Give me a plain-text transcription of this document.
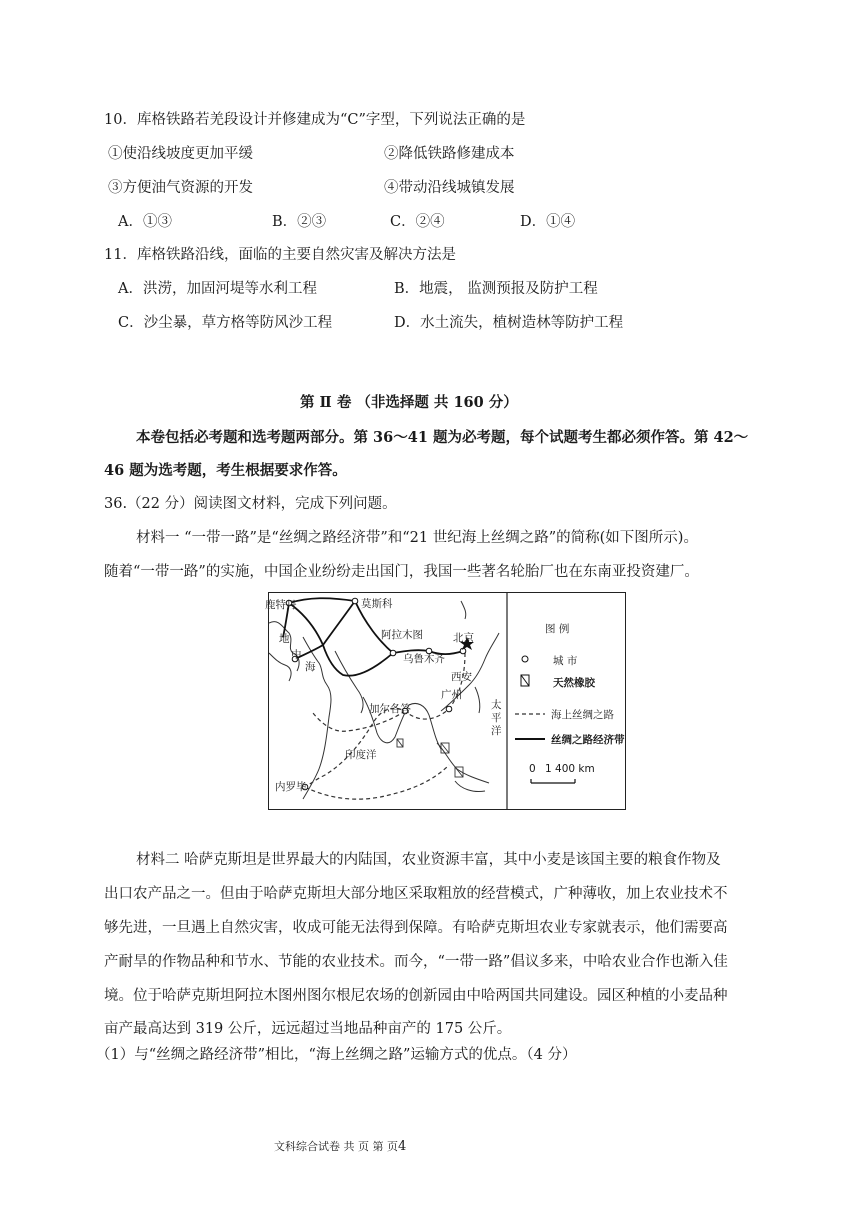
10．库格铁路若羌段设计并修建成为“C”字型，下列说法正确的是
①使沿线坡度更加平缓	②降低铁路修建成本
③方便油气资源的开发	④带动沿线城镇发展
A．①③	B．②③	C．②④	D．①④
11．库格铁路沿线，面临的主要自然灾害及解决方法是
A．洪涝，加固河堤等水利工程	B．地震， 监测预报及防护工程
C．沙尘暴，草方格等防风沙工程	D．水土流失，植树造林等防护工程
第 Ⅱ 卷 （非选择题 共 160 分）
本卷包括必考题和选考题两部分。第 36～41 题为必考题，每个试题考生都必须作答。第 42～
46 题为选考题，考生根据要求作答。
36.（22 分）阅读图文材料，完成下列问题。
材料一 “一带一路”是“丝绸之路经济带”和“21 世纪海上丝绸之路”的简称(如下图所示)。
随着“一带一路”的实施，中国企业纷纷走出国门，我国一些著名轮胎厂也在东南亚投资建厂。
鹿特丹	莫斯科
阿拉木图
乌鲁木齐
北京
西安
广州
加尔各答
内罗毕
地
中
海
印度洋
太
平
洋
图 例
城 市
天然橡胶
海上丝绸之路
丝绸之路经济带
0 1 400 km
材料二 哈萨克斯坦是世界最大的内陆国，农业资源丰富，其中小麦是该国主要的粮食作物及
出口农产品之一。但由于哈萨克斯坦大部分地区采取粗放的经营模式，广种薄收，加上农业技术不
够先进，一旦遇上自然灾害，收成可能无法得到保障。有哈萨克斯坦农业专家就表示，他们需要高
产耐旱的作物品种和节水、节能的农业技术。而今，“一带一路”倡议多来，中哈农业合作也渐入佳
境。位于哈萨克斯坦阿拉木图州图尔根尼农场的创新园由中哈两国共同建设。园区种植的小麦品种
亩产最高达到 319 公斤，远远超过当地品种亩产的 175 公斤。
（1）与“丝绸之路经济带”相比，“海上丝绸之路”运输方式的优点。（4 分）
文科综合试卷 共 页 第 页4
